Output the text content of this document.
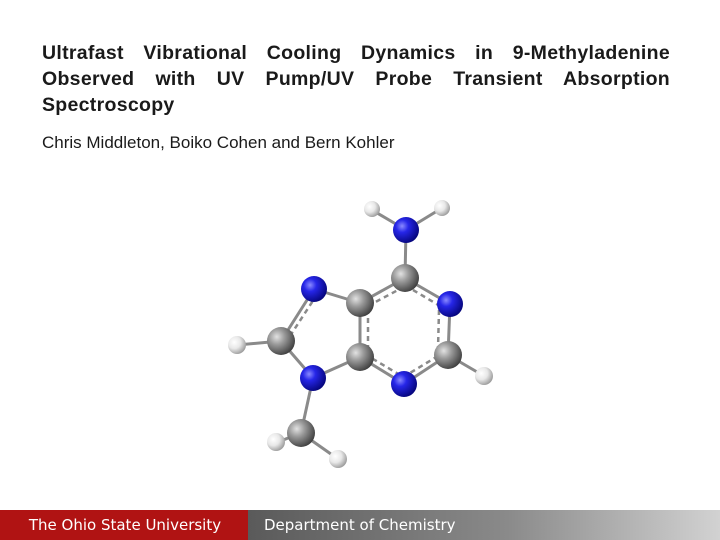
Ultrafast Vibrational Cooling Dynamics in 9-Methyladenine Observed with UV Pump/UV Probe Transient Absorption Spectroscopy

Chris Middleton, Boiko Cohen and Bern Kohler

The Ohio State University	Department of Chemistry
